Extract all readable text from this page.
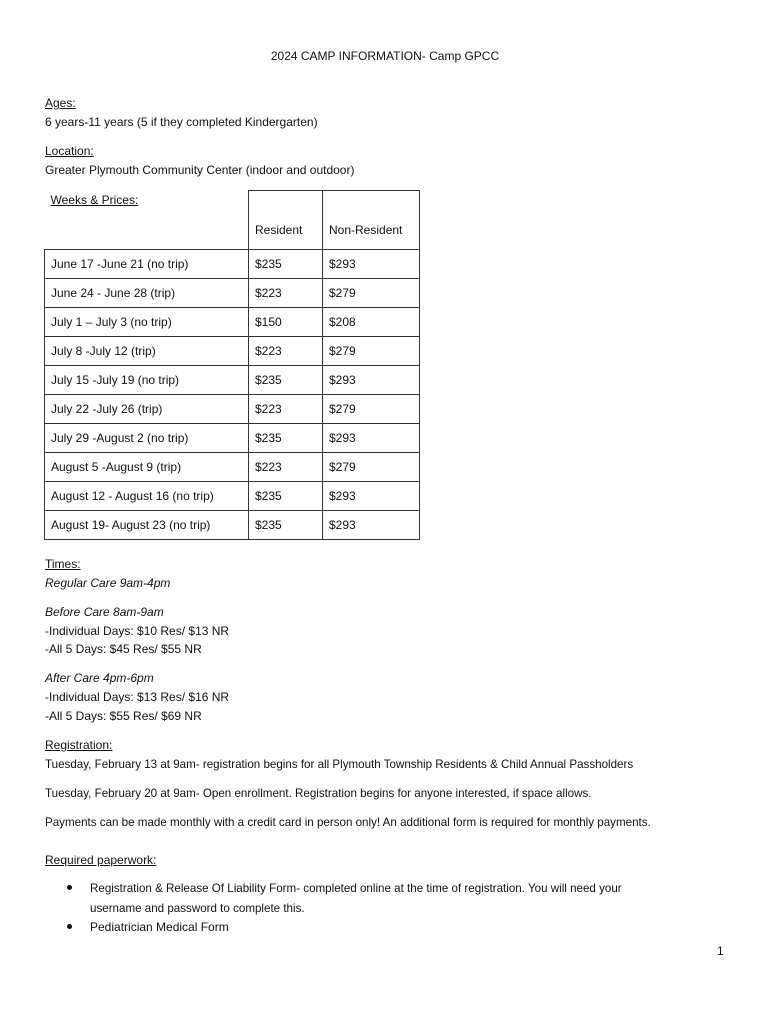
2024 CAMP INFORMATION- Camp GPCC
Ages:
6 years-11 years (5 if they completed Kindergarten)
Location:
Greater Plymouth Community Center (indoor and outdoor)
Weeks & Prices:	Resident	Non-Resident
June 17 -June 21 (no trip)	$235	$293
June 24 - June 28 (trip)	$223	$279
July 1 – July 3 (no trip)	$150	$208
July 8 -July 12 (trip)	$223	$279
July 15 -July 19 (no trip)	$235	$293
July 22 -July 26 (trip)	$223	$279
July 29 -August 2 (no trip)	$235	$293
August 5 -August 9 (trip)	$223	$279
August 12 - August 16 (no trip)	$235	$293
August 19- August 23 (no trip)	$235	$293
Times:
Regular Care 9am-4pm
Before Care 8am-9am
-Individual Days: $10 Res/ $13 NR
-All 5 Days: $45 Res/ $55 NR
After Care 4pm-6pm
-Individual Days: $13 Res/ $16 NR
-All 5 Days: $55 Res/ $69 NR
Registration:
Tuesday, February 13 at 9am- registration begins for all Plymouth Township Residents & Child Annual Passholders
Tuesday, February 20 at 9am- Open enrollment. Registration begins for anyone interested, if space allows.
Payments can be made monthly with a credit card in person only! An additional form is required for monthly payments.
Required paperwork:
Registration & Release Of Liability Form- completed online at the time of registration. You will need your
username and password to complete this.
Pediatrician Medical Form
1
